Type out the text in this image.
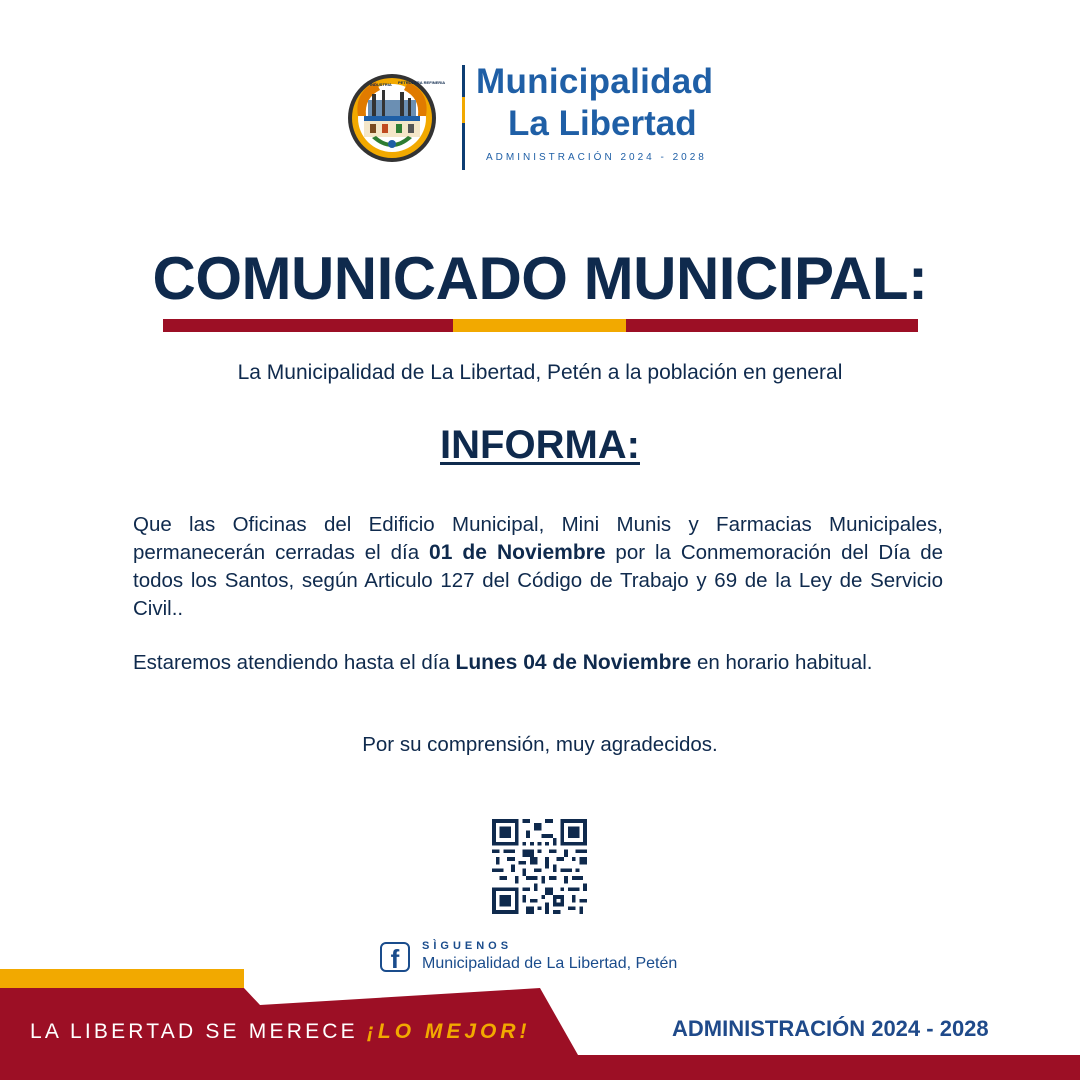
INDUSTRIA PETROLERA REFINERIA Municipalidad
La Libertad
ADMINISTRACIÓN 2024 - 2028
COMUNICADO MUNICIPAL:
La Municipalidad de La Libertad, Petén a la población en general
INFORMA:
Que las Oficinas del Edificio Municipal, Mini Munis y Farmacias Municipales, permanecerán cerradas el día 01 de Noviembre por la Conmemoración del Día de todos los Santos, según Articulo 127 del Código de Trabajo y 69 de la Ley de Servicio Civil..
Estaremos atendiendo hasta el día Lunes 04 de Noviembre en horario habitual.
Por su comprensión, muy agradecidos.
f	SÌGUENOS
Municipalidad de La Libertad, Petén
LA LIBERTAD SE MERECE ¡LO MEJOR!	ADMINISTRACIÓN 2024 - 2028
